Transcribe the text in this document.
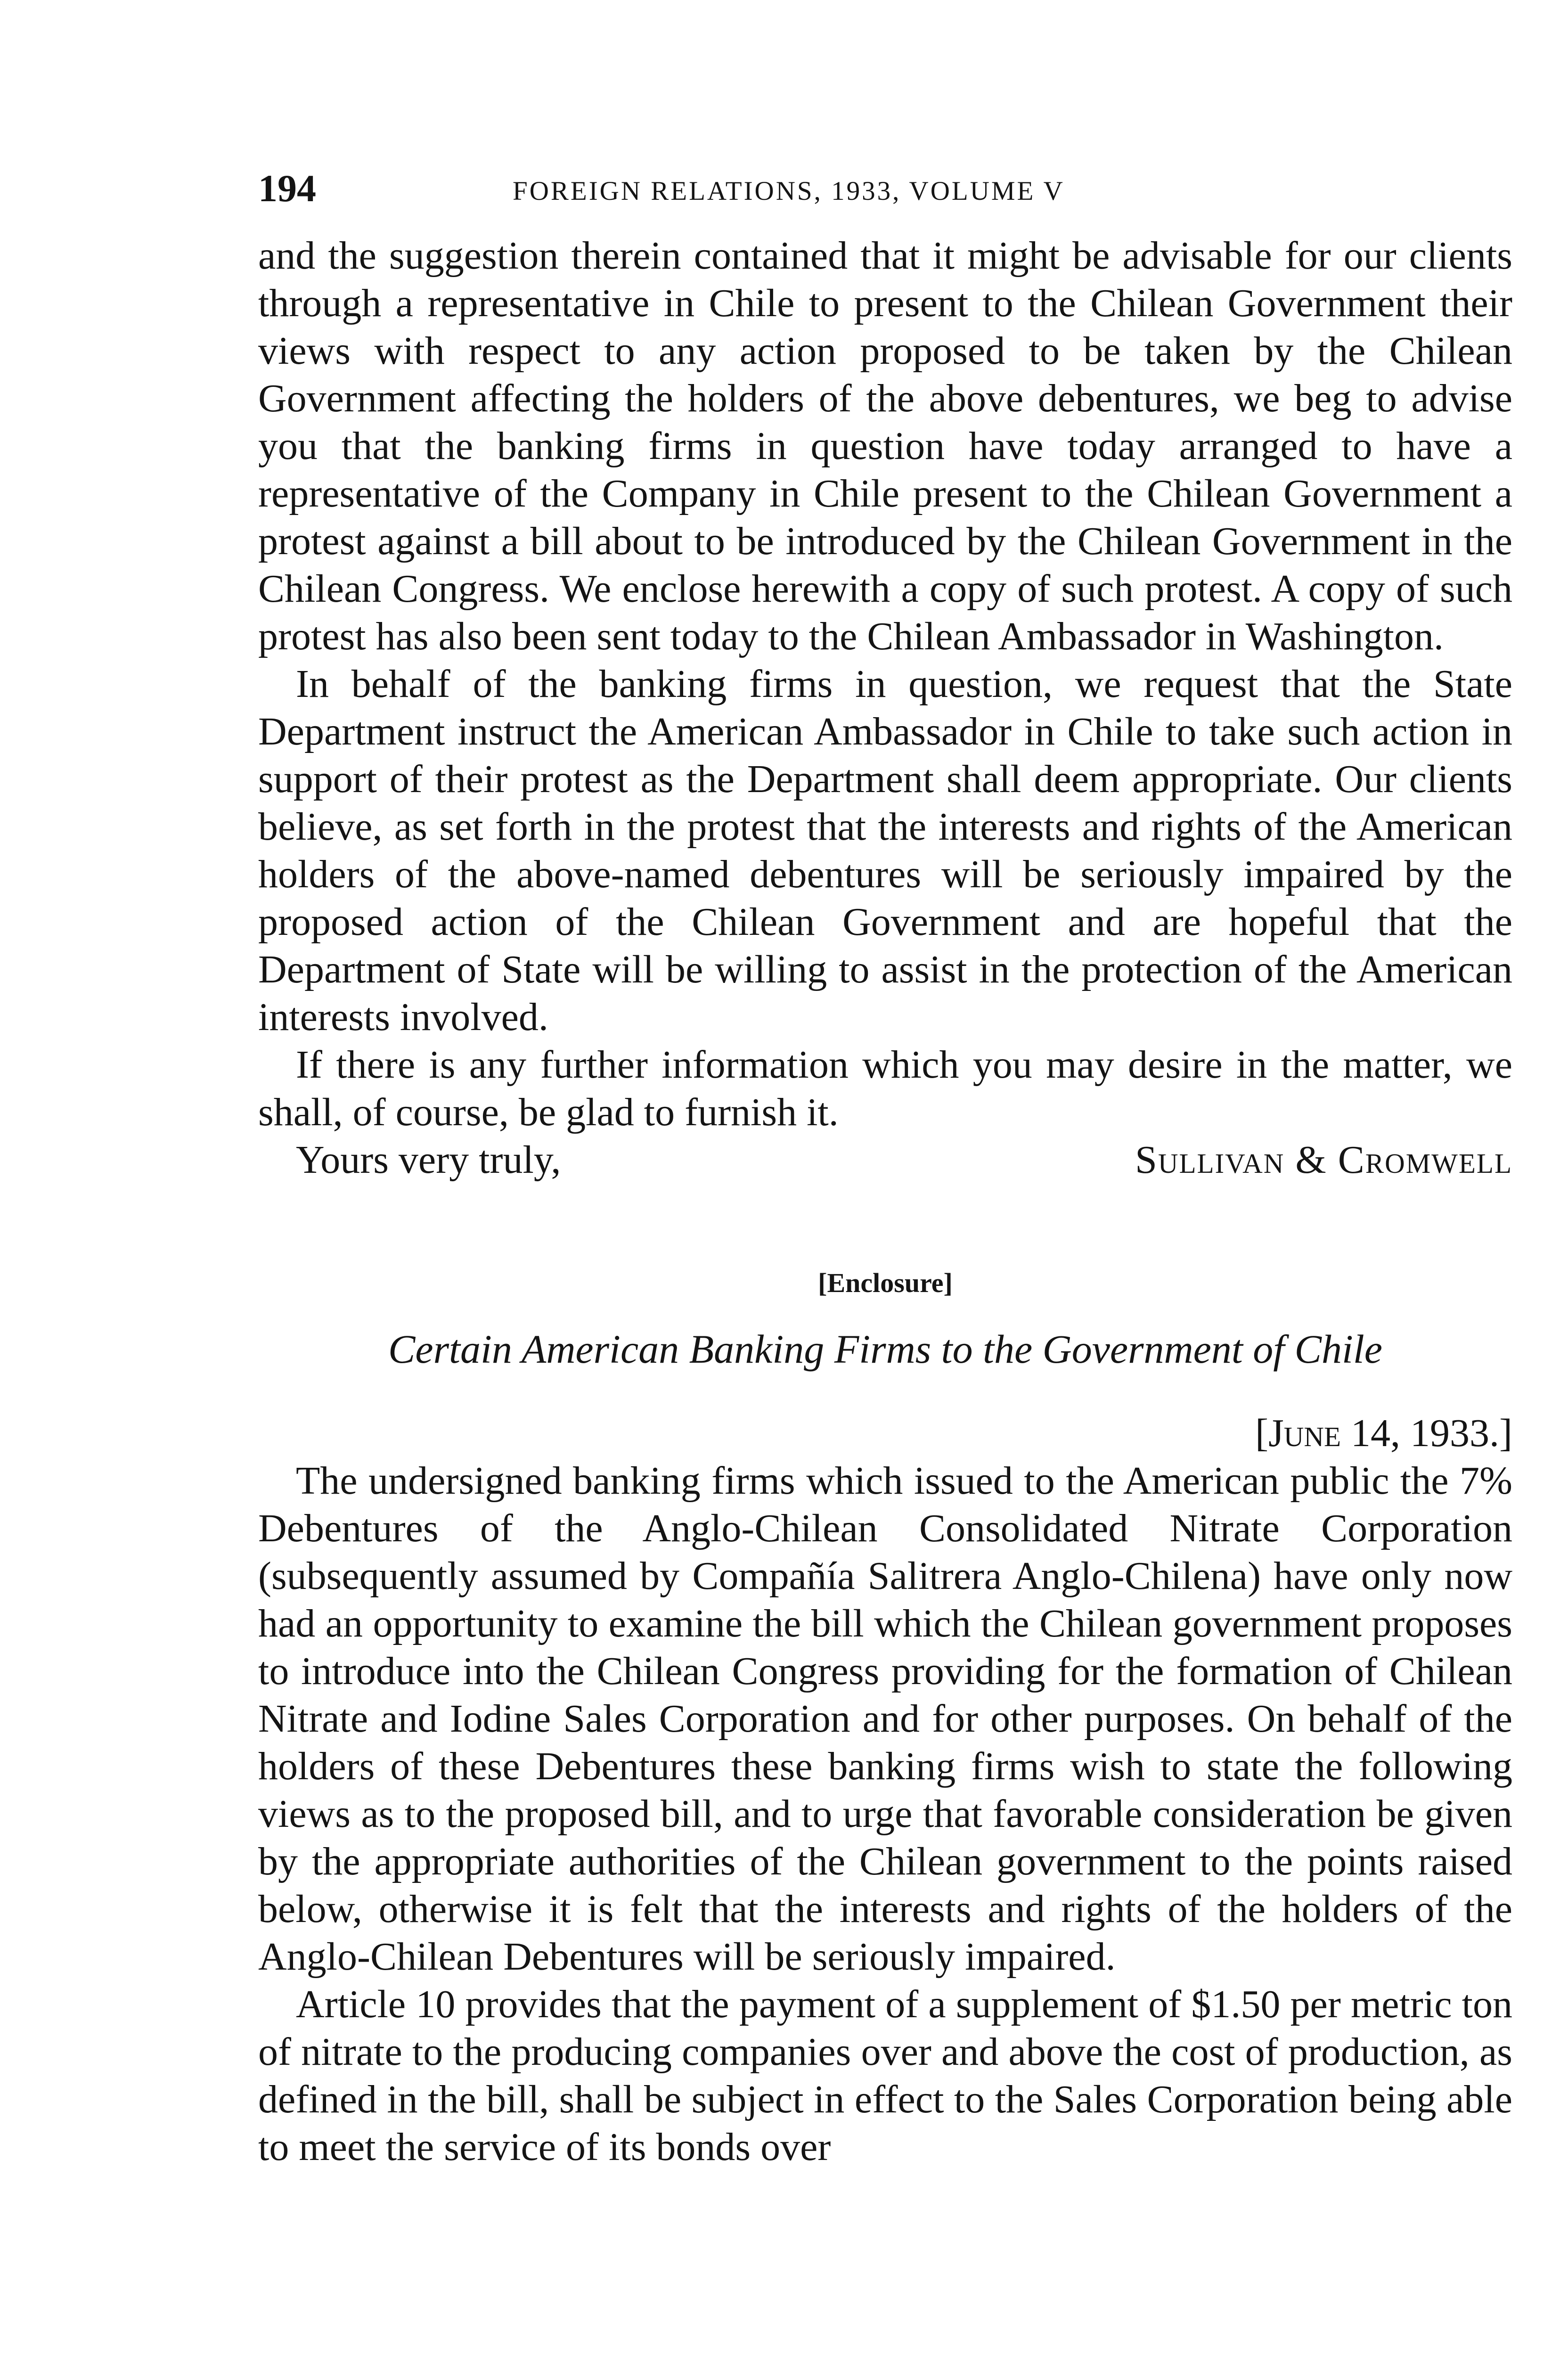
194	FOREIGN RELATIONS, 1933, VOLUME V

and the suggestion therein contained that it might be advisable for our clients through a representative in Chile to present to the Chilean Government their views with respect to any action proposed to be taken by the Chilean Government affecting the holders of the above debentures, we beg to advise you that the banking firms in question have today arranged to have a representative of the Company in Chile present to the Chilean Government a protest against a bill about to be introduced by the Chilean Government in the Chilean Congress. We enclose herewith a copy of such protest. A copy of such protest has also been sent today to the Chilean Ambassador in Washington.

In behalf of the banking firms in question, we request that the State Department instruct the American Ambassador in Chile to take such action in support of their protest as the Department shall deem appropriate. Our clients believe, as set forth in the protest that the interests and rights of the American holders of the above-named debentures will be seriously impaired by the proposed action of the Chilean Government and are hopeful that the Department of State will be willing to assist in the protection of the American interests involved.

If there is any further information which you may desire in the matter, we shall, of course, be glad to furnish it.

Yours very truly,	Sullivan & Cromwell
[Enclosure]
Certain American Banking Firms to the Government of Chile
[June 14, 1933.]

The undersigned banking firms which issued to the American public the 7% Debentures of the Anglo-Chilean Consolidated Nitrate Corporation (subsequently assumed by Compañía Salitrera Anglo-Chilena) have only now had an opportunity to examine the bill which the Chilean government proposes to introduce into the Chilean Congress providing for the formation of Chilean Nitrate and Iodine Sales Corporation and for other purposes. On behalf of the holders of these Debentures these banking firms wish to state the following views as to the proposed bill, and to urge that favorable consideration be given by the appropriate authorities of the Chilean government to the points raised below, otherwise it is felt that the interests and rights of the holders of the Anglo-Chilean Debentures will be seriously impaired.

Article 10 provides that the payment of a supplement of $1.50 per metric ton of nitrate to the producing companies over and above the cost of production, as defined in the bill, shall be subject in effect to the Sales Corporation being able to meet the service of its bonds over
